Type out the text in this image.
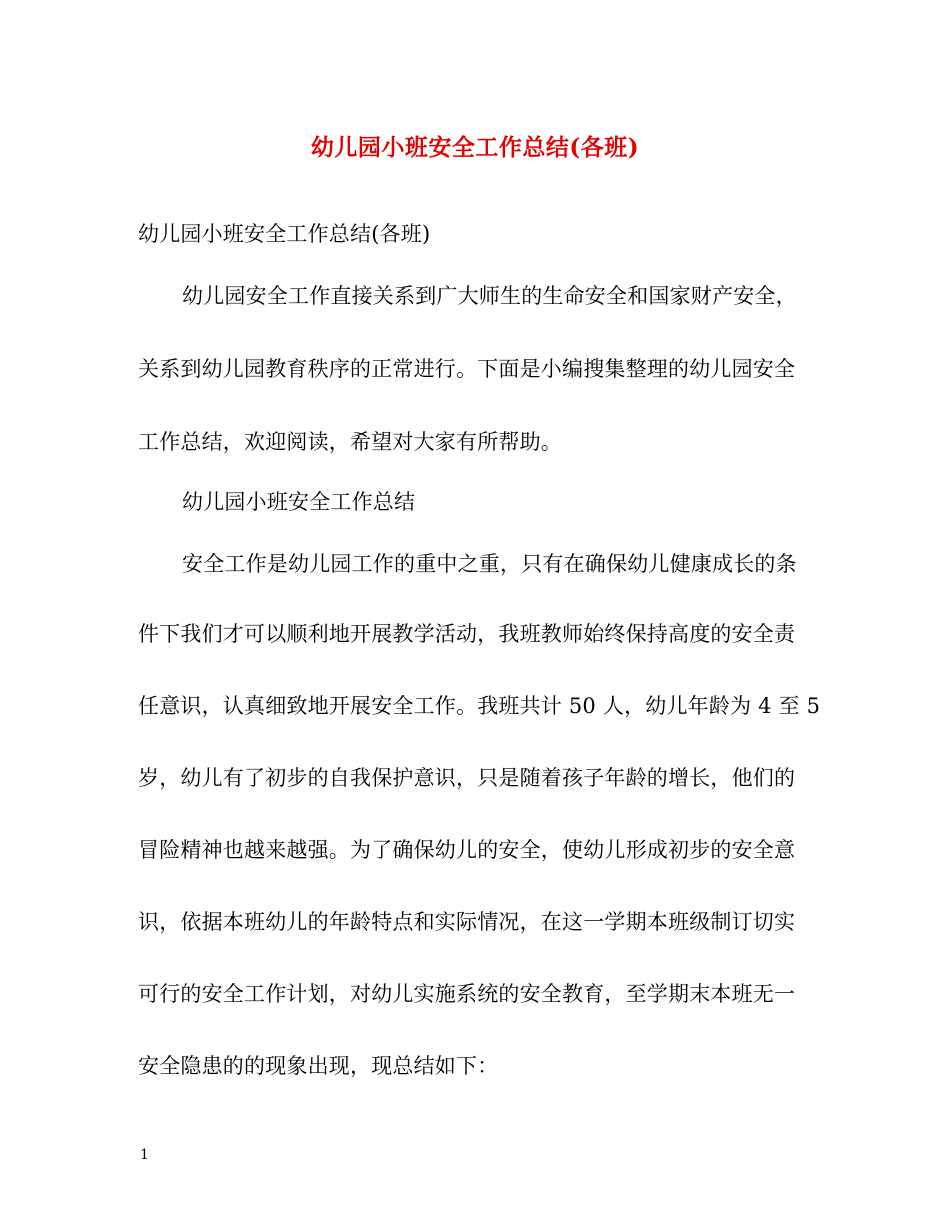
幼儿园小班安全工作总结(各班)
幼儿园小班安全工作总结(各班)
幼儿园安全工作直接关系到广大师生的生命安全和国家财产安全，
关系到幼儿园教育秩序的正常进行。下面是小编搜集整理的幼儿园安全
工作总结，欢迎阅读，希望对大家有所帮助。
幼儿园小班安全工作总结
安全工作是幼儿园工作的重中之重，只有在确保幼儿健康成长的条
件下我们才可以顺利地开展教学活动，我班教师始终保持高度的安全责
任意识，认真细致地开展安全工作。我班共计 50 人，幼儿年龄为 4 至 5
岁，幼儿有了初步的自我保护意识，只是随着孩子年龄的增长，他们的
冒险精神也越来越强。为了确保幼儿的安全，使幼儿形成初步的安全意
识，依据本班幼儿的年龄特点和实际情况，在这一学期本班级制订切实
可行的安全工作计划，对幼儿实施系统的安全教育，至学期末本班无一
安全隐患的的现象出现，现总结如下：
1
